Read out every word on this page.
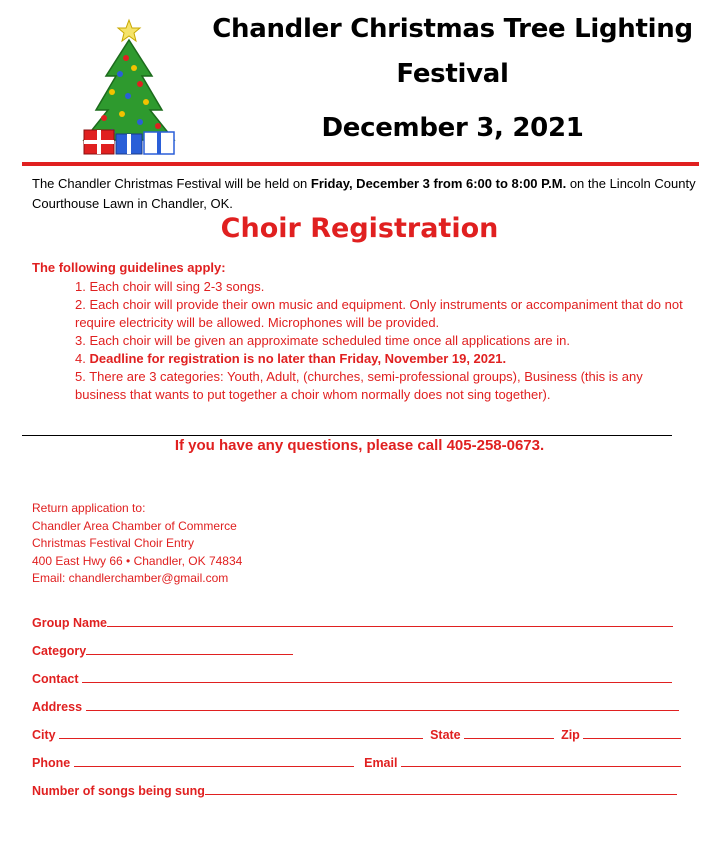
Chandler Christmas Tree Lighting
Festival
December 3, 2021
The Chandler Christmas Festival will be held on Friday, December 3 from 6:00 to 8:00 P.M. on the Lincoln County Courthouse Lawn in Chandler, OK.
Choir Registration
The following guidelines apply:
1. Each choir will sing 2-3 songs.
2. Each choir will provide their own music and equipment. Only instruments or accompaniment that do not require electricity will be allowed. Microphones will be provided.
3. Each choir will be given an approximate scheduled time once all applications are in.
4. Deadline for registration is no later than Friday, November 19, 2021.
5. There are 3 categories: Youth, Adult, (churches, semi-professional groups), Business (this is any business that wants to put together a choir whom normally does not sing together).
If you have any questions, please call 405-258-0673.
Return application to:
Chandler Area Chamber of Commerce
Christmas Festival Choir Entry
400 East Hwy 66 • Chandler, OK 74834
Email: chandlerchamber@gmail.com
Group Name
Category
Contact
Address
City	State	Zip
Phone	Email
Number of songs being sung
